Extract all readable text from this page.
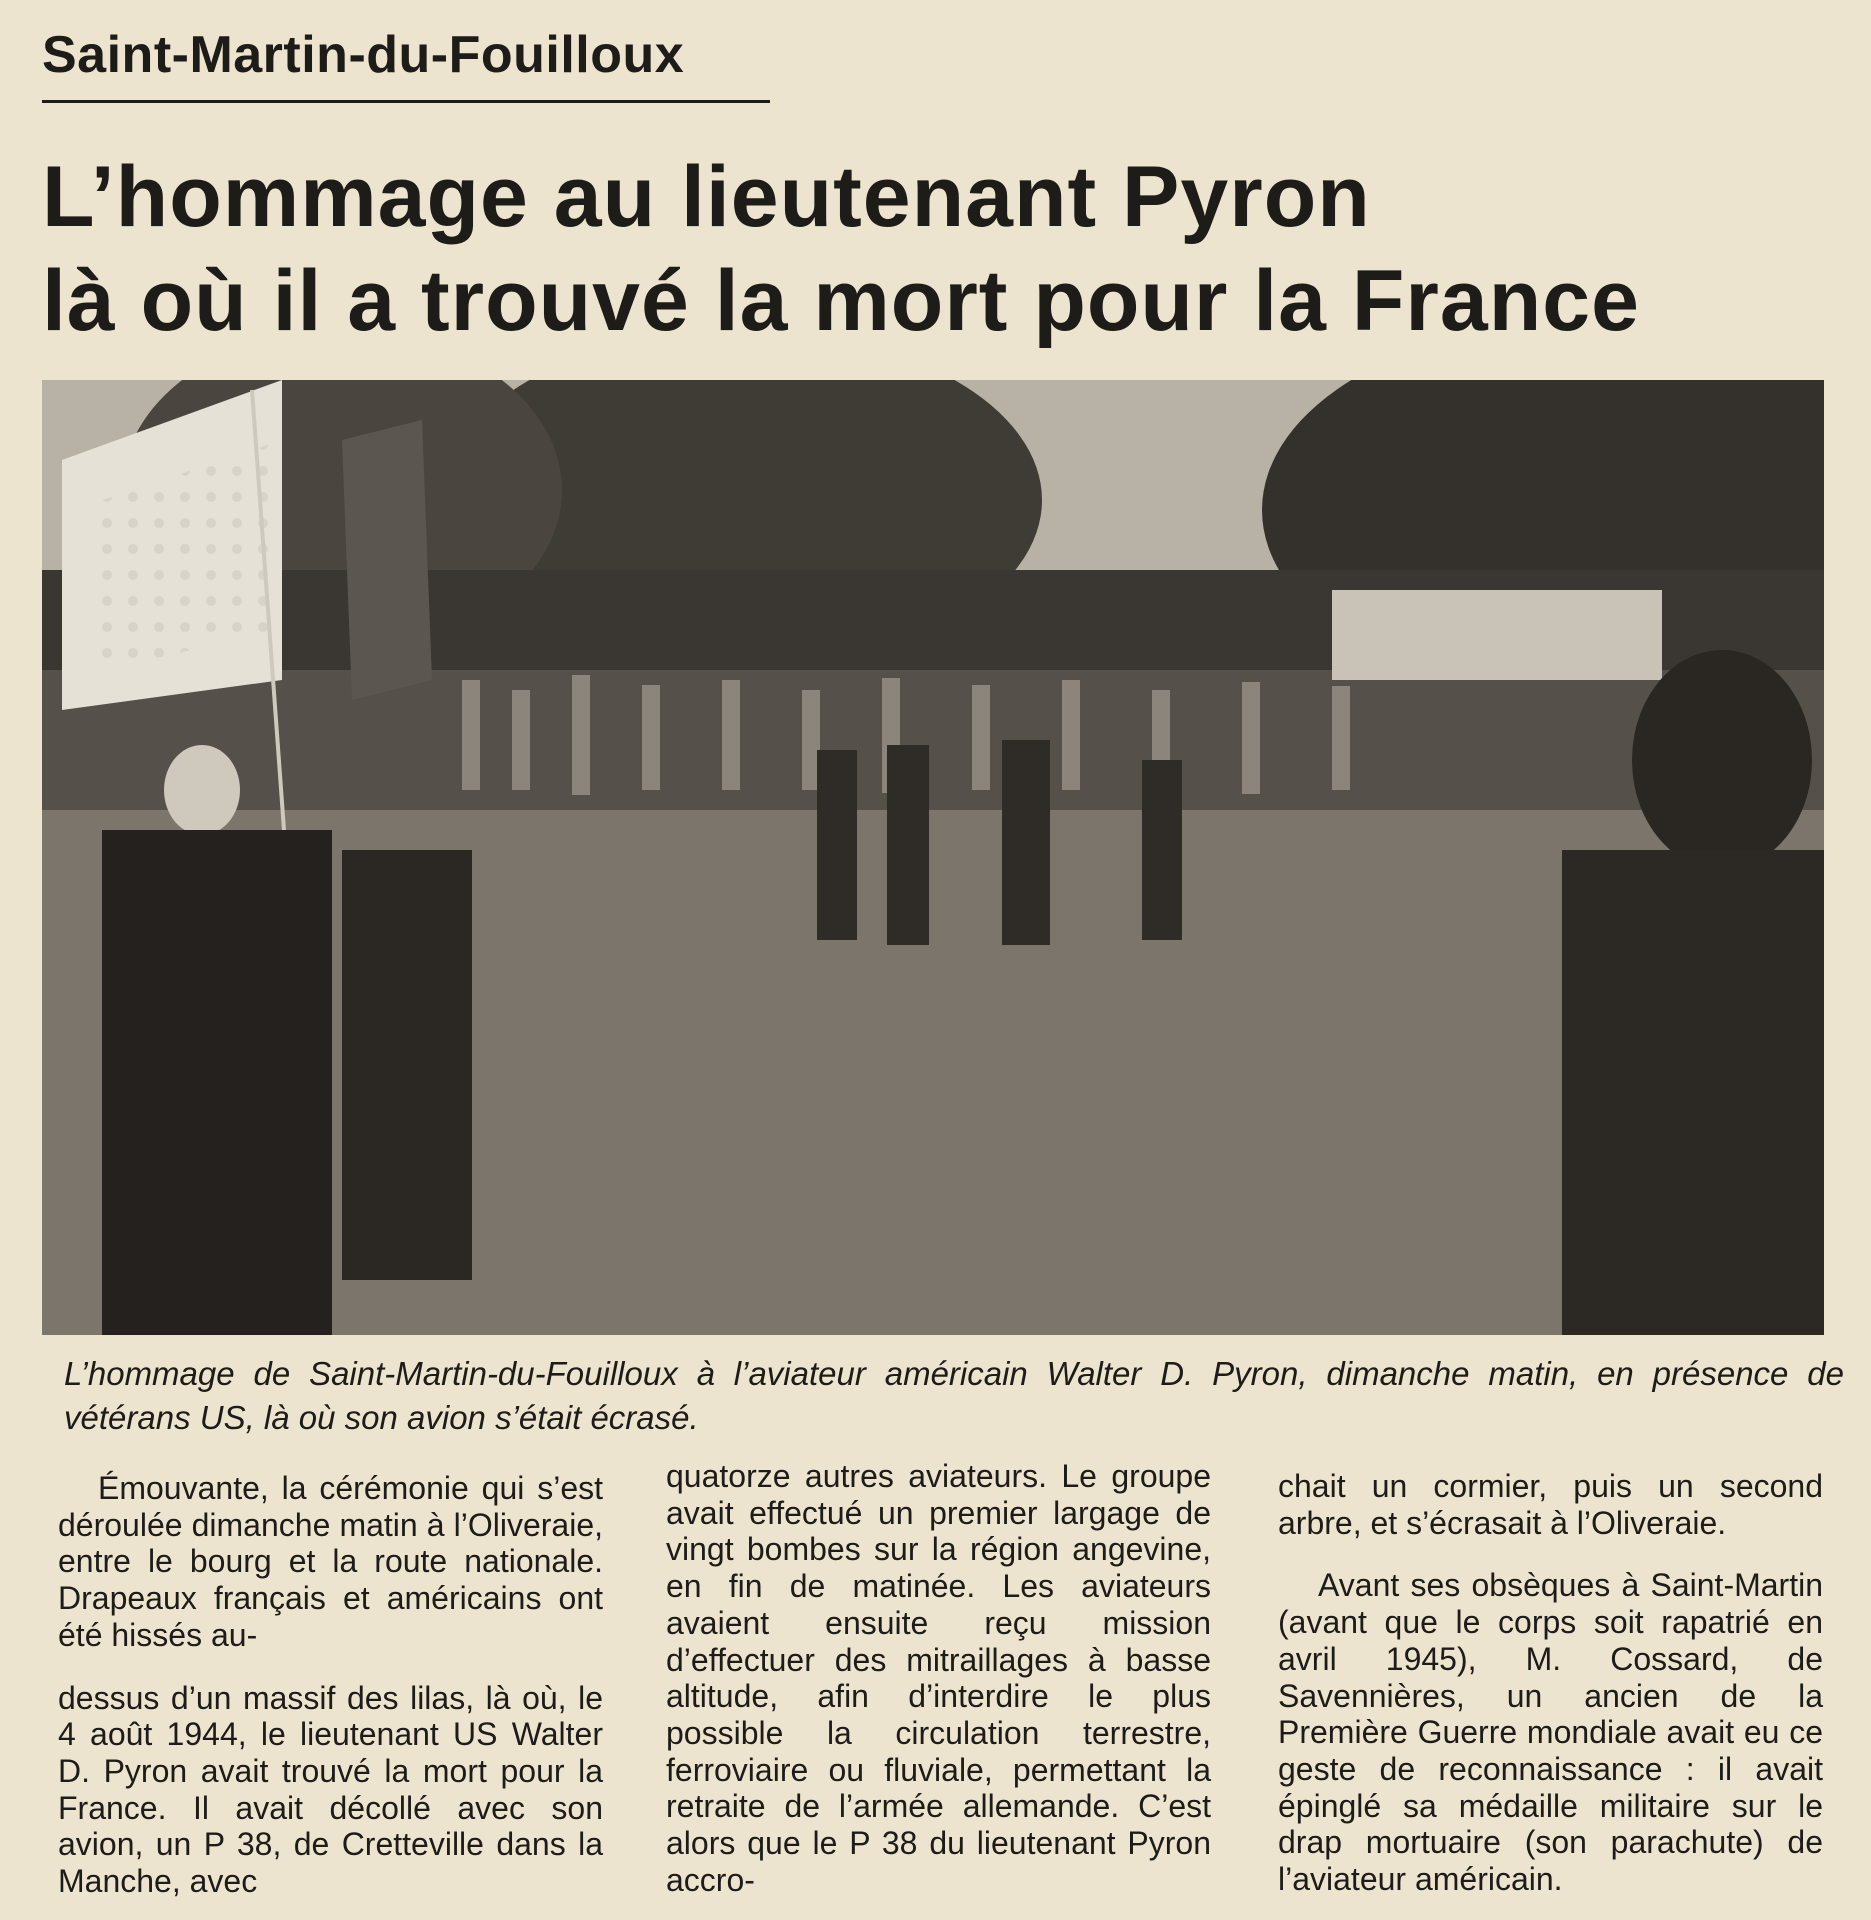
Saint-Martin-du-Fouilloux
L’hommage au lieutenant Pyron
là où il a trouvé la mort pour la France
L’hommage de Saint-Martin-du-Fouilloux à l’aviateur américain Walter D. Pyron, dimanche matin, en présence de vétérans US, là où son avion s’était écrasé.

Émouvante, la cérémonie qui s’est déroulée dimanche matin à l’Oliveraie, entre le bourg et la route nationale. Drapeaux français et américains ont été hissés au-

dessus d’un massif des lilas, là où, le 4 août 1944, le lieutenant US Walter D. Pyron avait trouvé la mort pour la France. Il avait décollé avec son avion, un P 38, de Cretteville dans la Manche, avec

quatorze autres aviateurs. Le groupe avait effectué un premier largage de vingt bombes sur la région angevine, en fin de matinée. Les aviateurs avaient ensuite reçu mission d’effectuer des mitraillages à basse altitude, afin d’interdire le plus possible la circulation terrestre, ferroviaire ou fluviale, permettant la retraite de l’armée allemande. C’est alors que le P 38 du lieutenant Pyron accro-

chait un cormier, puis un second arbre, et s’écrasait à l’Oliveraie.

Avant ses obsèques à Saint-Martin (avant que le corps soit rapatrié en avril 1945), M. Cossard, de Savennières, un ancien de la Première Guerre mondiale avait eu ce geste de reconnaissance : il avait épinglé sa médaille militaire sur le drap mortuaire (son parachute) de l’aviateur américain.
